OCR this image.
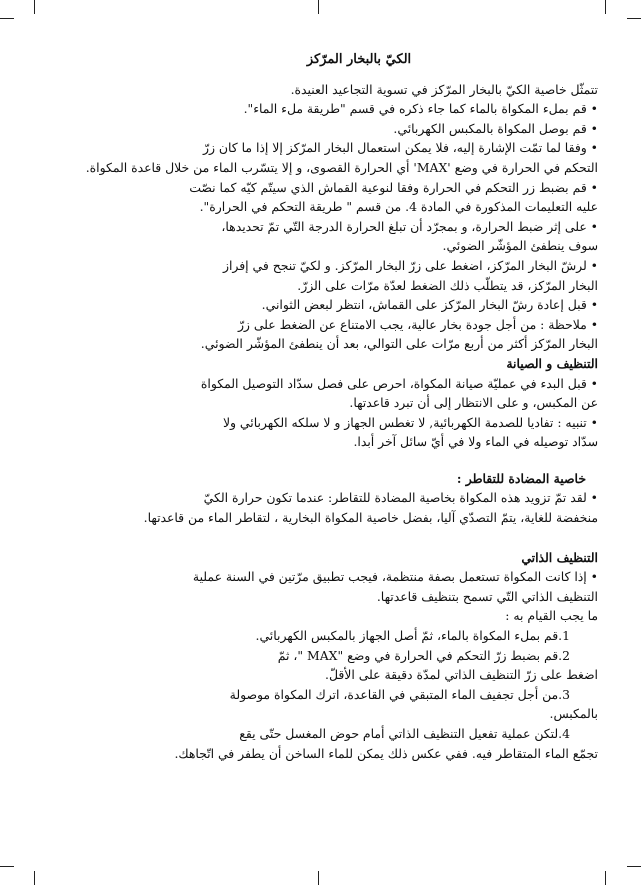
الكيّ بالبخار المرّكز

تتمثّل خاصية الكيّ بالبخار المرّكز في تسوية التجاعيد العنيدة.

• قم بملء المكواة بالماء كما جاء ذكره في قسم "طريقة ملء الماء".

• قم بوصل المكواة بالمكبس الكهربائي.

• وفقا لما تمّت الإشارة إليه، فلا يمكن استعمال البخار المرّكز إلا إذا ما كان زرّ

التحكم في الحرارة في وضع 'MAX' أي الحرارة القصوى، و إلا يتسّرب الماء من خلال قاعدة المكواة.

• قم بضبط زر التحكم في الحرارة وفقا لنوعية القماش الذي سيتّم كيّه كما نصّت

عليه التعليمات المذكورة في المادة 4. من قسم " طريقة التحكم في الحرارة".

• على إثر ضبط الحرارة، و بمجرّد أن تبلغ الحرارة الدرجة التّي تمّ تحديدها،

سوف ينطفئ المؤشّر الضوئي.

• لرشّ البخار المرّكز، اضغط على زرّ البخار المرّكز. و لكيّ تنجح في إفراز

البخار المرّكز، قد يتطلّب ذلك الضغط لعدّة مرّات على الزرّ.

• قبل إعادة رشّ البخار المرّكز على القماش، انتظر لبعض الثواني.

• ملاحظة : من أجل جودة بخار عالية، يجب الامتناع عن الضغط على زرّ

البخار المرّكز أكثر من أربع مرّات على التوالي، بعد أن ينطفئ المؤشّر الضوئي.

التنظيف و الصيانة

• قبل البدء في عمليّة صيانة المكواة، احرص على فصل سدّاد التوصيل المكواة

عن المكبس، و على الانتظار إلى أن تبرد قاعدتها.

• تنبيه : تفاديا للصدمة الكهربائية, لا تغطس الجهاز و لا سلكه الكهربائي ولا

سدّاد توصيله في الماء ولا في أيّ سائل آخر أبدا.

خاصية المضادة للتقاطر :

• لقد تمّ تزويد هذه المكواة بخاصية المضادة للتقاطر: عندما تكون حرارة الكيّ

منخفضة للغاية، يتمّ التصدّي آليا، بفضل خاصية المكواة البخارية ، لتقاطر الماء من قاعدتها.

التنظيف الذاتي

• إذا كانت المكواة تستعمل بصفة منتظمة، فيجب تطبيق مرّتين في السنة عملية

التنظيف الذاتي التّي تسمح بتنظيف قاعدتها.

ما يجب القيام به :

1.قم بملء المكواة بالماء، ثمّ أصل الجهاز بالمكبس الكهربائي.

2.قم بضبط زرّ التحكم في الحرارة في وضع "MAX "، ثمّ

اضغط على زرّ التنظيف الذاتي لمدّة دقيقة على الأقلّ.

3.من أجل تجفيف الماء المتبقي في القاعدة، اترك المكواة موصولة

بالمكبس.

4.لتكن عملية تفعيل التنظيف الذاتي أمام حوض المغسل حتّى يقع

تجمّع الماء المتقاطر فيه. ففي عكس ذلك يمكن للماء الساخن أن يطفر في اتّجاهك.
